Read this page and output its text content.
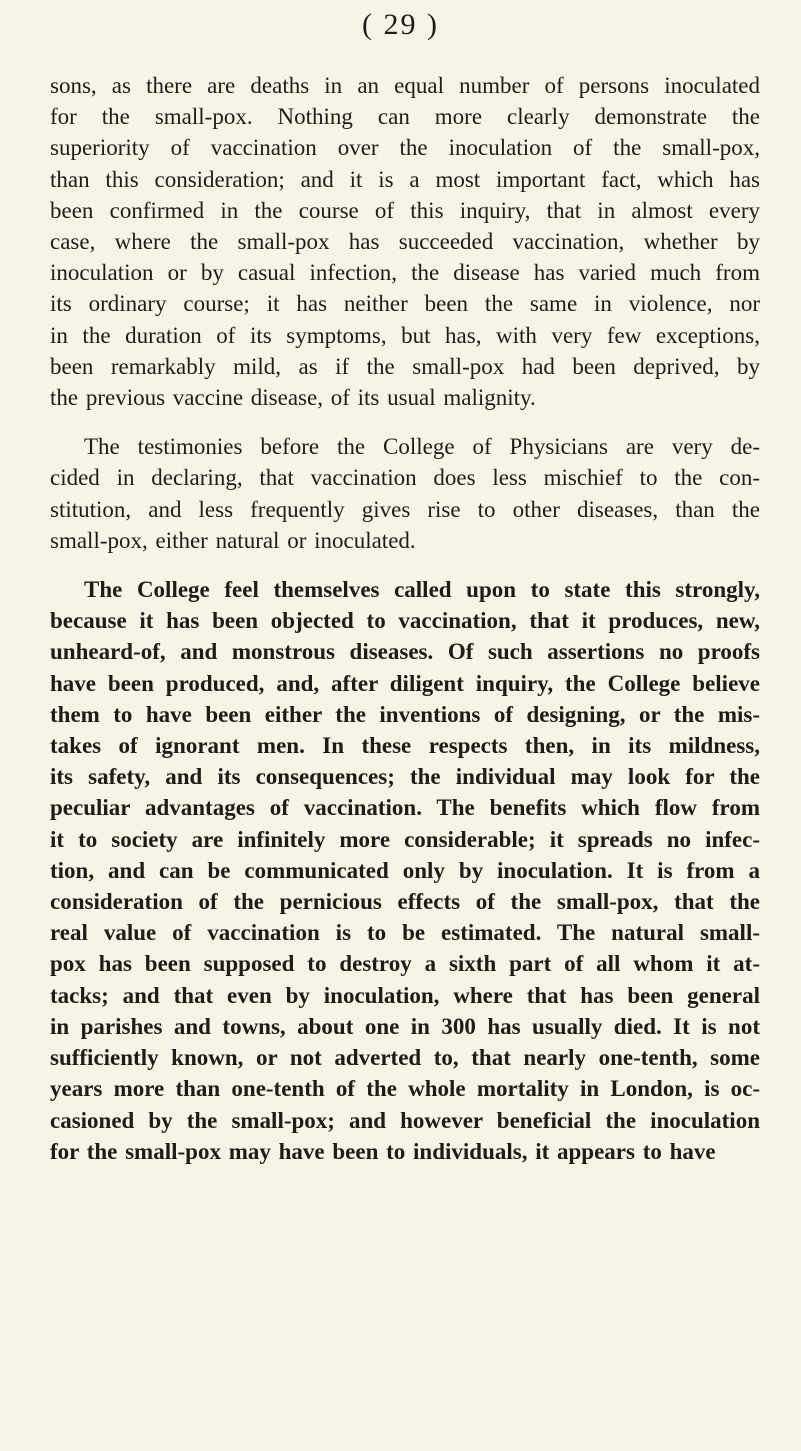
( 29 )
sons, as there are deaths in an equal number of persons inoculated
for the small-pox. Nothing can more clearly demonstrate the
superiority of vaccination over the inoculation of the small-pox,
than this consideration; and it is a most important fact, which has
been confirmed in the course of this inquiry, that in almost every
case, where the small-pox has succeeded vaccination, whether by
inoculation or by casual infection, the disease has varied much from
its ordinary course; it has neither been the same in violence, nor
in the duration of its symptoms, but has, with very few exceptions,
been remarkably mild, as if the small-pox had been deprived, by
the previous vaccine disease, of its usual malignity.
The testimonies before the College of Physicians are very de-
cided in declaring, that vaccination does less mischief to the con-
stitution, and less frequently gives rise to other diseases, than the
small-pox, either natural or inoculated.
The College feel themselves called upon to state this strongly,
because it has been objected to vaccination, that it produces, new,
unheard-of, and monstrous diseases. Of such assertions no proofs
have been produced, and, after diligent inquiry, the College believe
them to have been either the inventions of designing, or the mis-
takes of ignorant men. In these respects then, in its mildness,
its safety, and its consequences; the individual may look for the
peculiar advantages of vaccination. The benefits which flow from
it to society are infinitely more considerable; it spreads no infec-
tion, and can be communicated only by inoculation. It is from a
consideration of the pernicious effects of the small-pox, that the
real value of vaccination is to be estimated. The natural small-
pox has been supposed to destroy a sixth part of all whom it at-
tacks; and that even by inoculation, where that has been general
in parishes and towns, about one in 300 has usually died. It is not
sufficiently known, or not adverted to, that nearly one-tenth, some
years more than one-tenth of the whole mortality in London, is oc-
casioned by the small-pox; and however beneficial the inoculation
for the small-pox may have been to individuals, it appears to have
